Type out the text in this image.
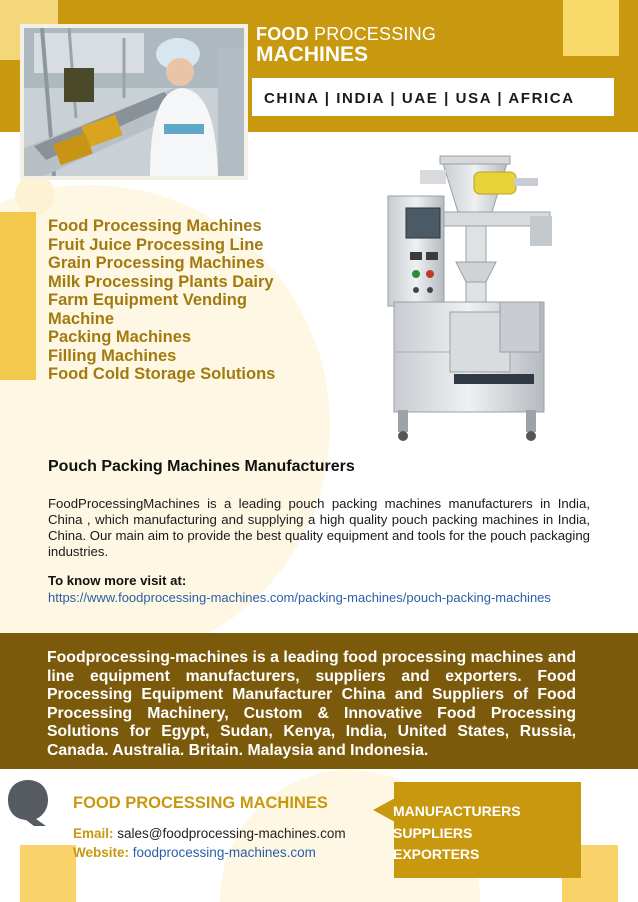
FOOD PROCESSING
MACHINES
CHINA | INDIA | UAE | USA | AFRICA
Food Processing Machines
Fruit Juice Processing Line
Grain Processing Machines
Milk Processing Plants Dairy
Farm Equipment Vending
Machine
Packing Machines
Filling Machines
Food Cold Storage Solutions
Pouch Packing Machines Manufacturers

FoodProcessingMachines is a leading pouch packing machines manufacturers in India, China , which manufacturing and supplying a high quality pouch packing machines in India, China. Our main aim to provide the best quality equipment and tools for the pouch packaging industries.

To know more visit at:
https://www.foodprocessing-machines.com/packing-machines/pouch-packing-machines

Foodprocessing-machines is a leading food processing machines and line equipment manufacturers, suppliers and exporters. Food Processing Equipment Manufacturer China and Suppliers of Food Processing Machinery, Custom & Innovative Food Processing Solutions for Egypt, Sudan, Kenya, India, United States, Russia, Canada. Australia. Britain. Malaysia and Indonesia.

FOOD PROCESSING MACHINES
Email: sales@foodprocessing-machines.com
Website: foodprocessing-machines.com
MANUFACTURERS
SUPPLIERS
EXPORTERS
